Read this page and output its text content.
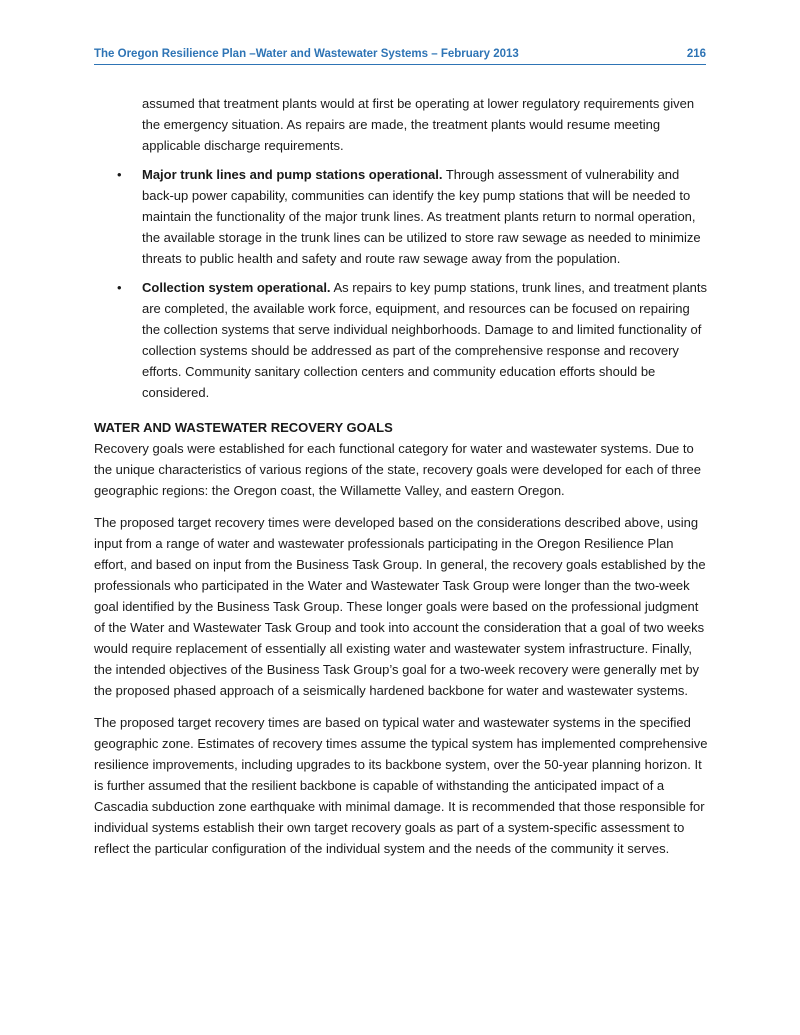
The Oregon Resilience Plan –Water and Wastewater Systems – February 2013	216

assumed that treatment plants would at first be operating at lower regulatory requirements given the emergency situation. As repairs are made, the treatment plants would resume meeting applicable discharge requirements.

• Major trunk lines and pump stations operational. Through assessment of vulnerability and back-up power capability, communities can identify the key pump stations that will be needed to maintain the functionality of the major trunk lines. As treatment plants return to normal operation, the available storage in the trunk lines can be utilized to store raw sewage as needed to minimize threats to public health and safety and route raw sewage away from the population.
• Collection system operational. As repairs to key pump stations, trunk lines, and treatment plants are completed, the available work force, equipment, and resources can be focused on repairing the collection systems that serve individual neighborhoods. Damage to and limited functionality of collection systems should be addressed as part of the comprehensive response and recovery efforts. Community sanitary collection centers and community education efforts should be considered.
WATER AND WASTEWATER RECOVERY GOALS

Recovery goals were established for each functional category for water and wastewater systems. Due to the unique characteristics of various regions of the state, recovery goals were developed for each of three geographic regions: the Oregon coast, the Willamette Valley, and eastern Oregon.

The proposed target recovery times were developed based on the considerations described above, using input from a range of water and wastewater professionals participating in the Oregon Resilience Plan effort, and based on input from the Business Task Group. In general, the recovery goals established by the professionals who participated in the Water and Wastewater Task Group were longer than the two-week goal identified by the Business Task Group. These longer goals were based on the professional judgment of the Water and Wastewater Task Group and took into account the consideration that a goal of two weeks would require replacement of essentially all existing water and wastewater system infrastructure. Finally, the intended objectives of the Business Task Group’s goal for a two-week recovery were generally met by the proposed phased approach of a seismically hardened backbone for water and wastewater systems.

The proposed target recovery times are based on typical water and wastewater systems in the specified geographic zone. Estimates of recovery times assume the typical system has implemented comprehensive resilience improvements, including upgrades to its backbone system, over the 50-year planning horizon. It is further assumed that the resilient backbone is capable of withstanding the anticipated impact of a Cascadia subduction zone earthquake with minimal damage. It is recommended that those responsible for individual systems establish their own target recovery goals as part of a system-specific assessment to reflect the particular configuration of the individual system and the needs of the community it serves.
